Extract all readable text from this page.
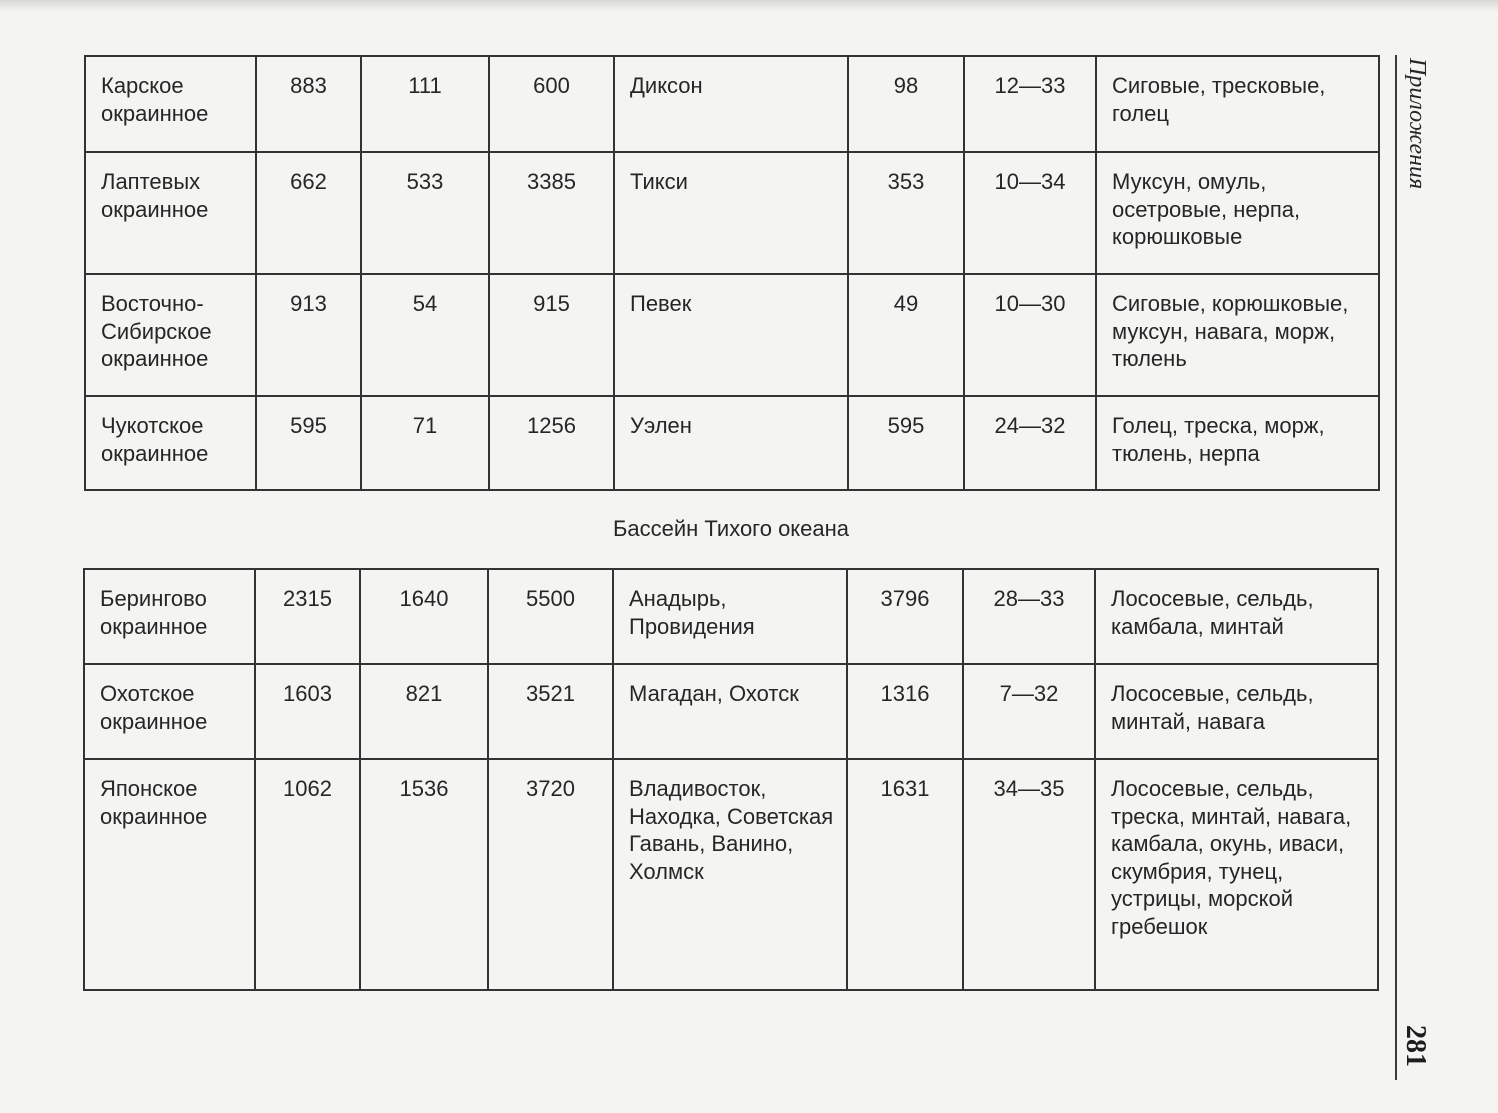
Карское окраинное	883	111	600	Диксон	98	12—33	Сиговые, тресковые, голец
Лаптевых окраинное	662	533	3385	Тикси	353	10—34	Муксун, омуль, осетровые, нерпа, корюшковые
Восточно-Сибирское окраинное	913	54	915	Певек	49	10—30	Сиговые, корюшковые, муксун, навага, морж, тюлень
Чукотское окраинное	595	71	1256	Уэлен	595	24—32	Голец, треска, морж, тюлень, нерпа
Бассейн Тихого океана
Берингово окраинное	2315	1640	5500	Анадырь, Провидения	3796	28—33	Лососевые, сельдь, камбала, минтай
Охотское окраинное	1603	821	3521	Магадан, Охотск	1316	7—32	Лососевые, сельдь, минтай, навага
Японское окраинное	1062	1536	3720	Владивосток, Находка, Советская Гавань, Ванино, Холмск	1631	34—35	Лососевые, сельдь, треска, минтай, навага, камбала, окунь, иваси, скумбрия, тунец, устрицы, морской гребешок
Приложения
281
